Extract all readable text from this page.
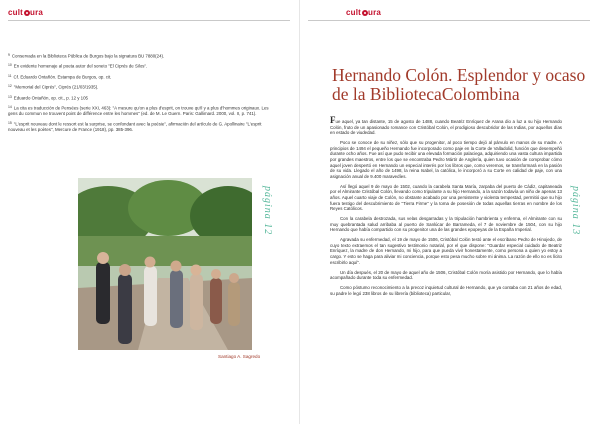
cult ura
$^9$ Conservada en la Biblioteca Pública de Burgos bajo la signatura BU 7880(24).
$^{10}$ En evidente homenaje al poeta autor del soneto "El Ciprés de Silos".
$^{11}$ Cf. Eduardo Ontañón. Estampa de Burgos, op. cit.
$^{12}$ "Memorial del Ciprés", Ciprés (21/03/1935).
$^{13}$ Eduardo Ontañón, op. cit., p. 12 y 105
$^{14}$ La cita es traducción de Pensées (serie XXI, 463): "A mesure qu'on a plus d'esprit, on trouve qu'il y a plus d'hommes originaux. Les gens du commun ne trouvent point de différence entre les hommes" (ed. de M. Le Guern. Paris: Gallimard. 2000, vol. II, p. 741).
$^{15}$ "L'esprit nouveau dont le ressort est la surprise, se confondant avec la poésie", afirmación del artículo de G. Apollinaire "L'esprit nouveau et les poètes", Mercure de France (1918), pp. 385-396.
Santiago A. Sagredo
página 12
cult ura
Hernando Colón. Esplendor y ocaso de la BibliotecaColombina

Fue aquel, ya tan distante, 15 de agosto de 1488, cuando Beatriz Enríquez de Arana dio a luz a su hijo Hernando Colón, fruto de un apasionado romance con Cristóbal Colón, el prodigioso descubridor de las Indias, por aquellos días en estado de viudedad.

Poco se conoce de su niñez, sólo que su progenitor, al poco tiempo dejó al párvulo en manos de su madre. A principios de 1494 el pequeño Hernando fue incorporado como paje en la Corte de Valladolid, función que desempeñó durante ocho años. Fue así que pudo recibir una elevada formación palaciega, adquiriendo una vasta cultura impartida por grandes maestros, entre los que se encontraba Pedro Mártir de Anglería, quien tuvo ocasión de comprobar cómo aquel joven despertó en Hernando un especial interés por los libros que, como veremos, se transformará en la pasión de su vida. Llegado el año de 1498, la reina Isabel, la católica, le incorporó a su Corte en calidad de paje, con una asignación anual de 9.400 maravedíes.

Así llegó aquel 9 de mayo de 1502, cuando la carabela Santa María, zarpaba del puerto de Cádiz, capitaneada por el Almirante Cristóbal Colón, llevando como tripulante a su hijo Hernando, a la sazón todavía un niño de apenas 13 años. Aquel cuarto viaje de Colón, no obstante acabado por una persistente y violenta tempestad, permitió que su hijo fuera testigo del descubrimiento de "Tierra Firme" y la toma de posesión de todas aquellas tierras en nombre de los Reyes Católicos.

Con la carabela destrozada, sus velas desgarradas y la tripulación hambrienta y enferma, el Almirante con su muy quebrantada salud arribaba al puerto de Sanlúcar de Barrameda, el 7 de noviembre de 1504, con su hijo Hernando que había compartido con su progenitor una de las grandes epopeyas de la España Imperial.

Agravada su enfermedad, el 19 de mayo de 1506, Cristóbal Colón testó ante el escribano Pedro de Hinojedo, de cuyo texto extraemos el tan sugestivo testimonio notarial, por el que dispone: "Guardar especial cuidado de Beatriz Enríquez, la madre de don Hernando, mi hijo, para que pueda vivir honestamente, como persona a quien yo estoy a cargo. Y esto se haga para aliviar mi conciencia, porque esto pesa mucho sobre mi ánima. La razón de ello no es lícito escribirlo aquí".

Un día después, el 20 de mayo de aquel año de 1506, Cristóbal Colón moría asistido por Hernando, que lo había acompañado durante toda su enfermedad.

Como póstumo reconocimiento a la precoz inquietud cultural de Hernando, que ya contaba con 21 años de edad, su padre le legó 238 libros de su librería (biblioteca) particular,

página 13
